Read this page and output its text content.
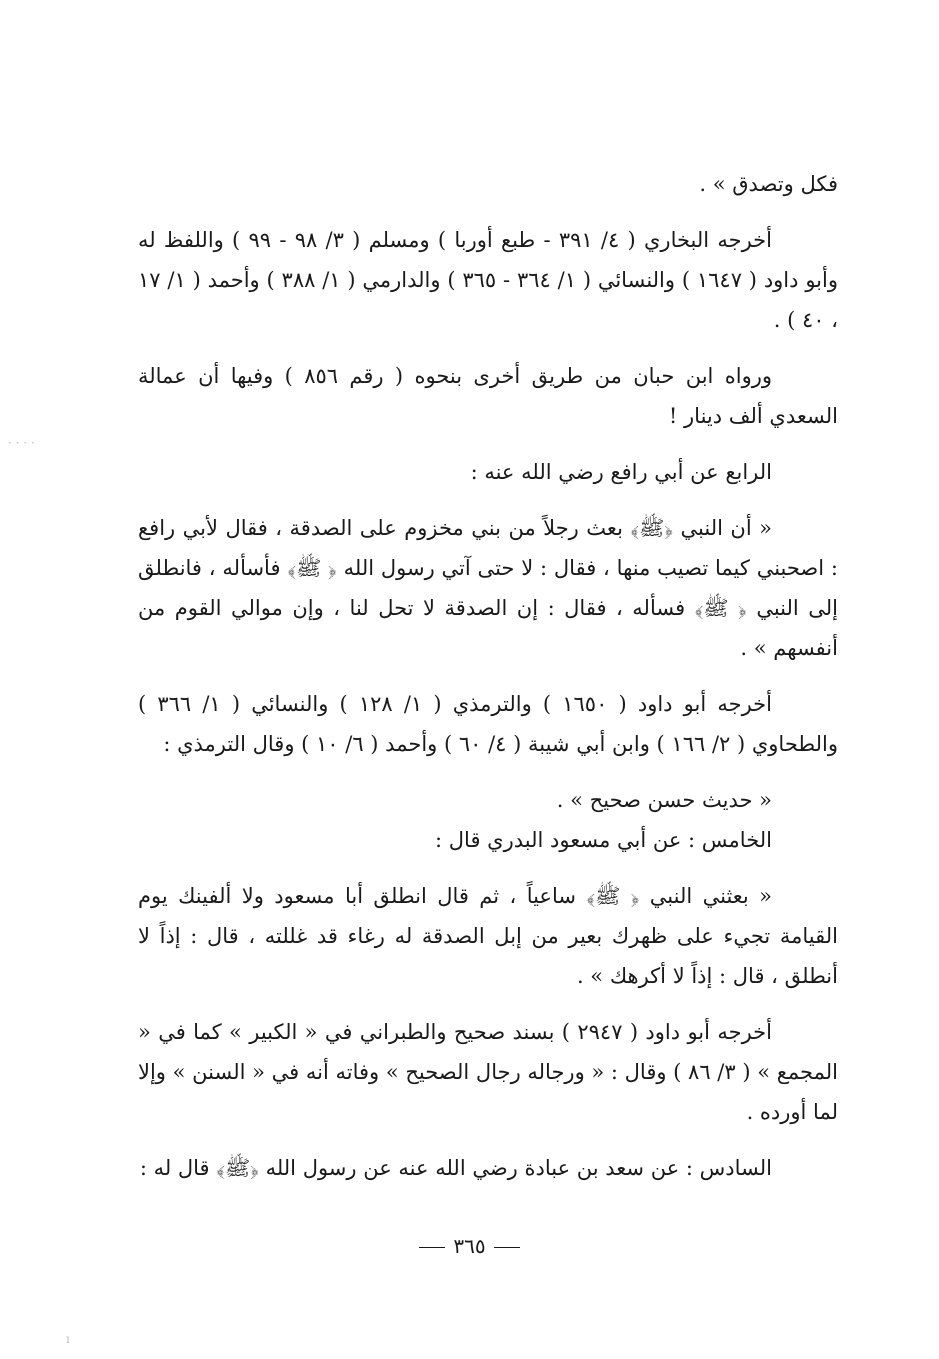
· · · ·
ı

فكل وتصدق » .

أخرجه البخاري ( ٤/ ٣٩١ - طبع أوربا ) ومسلم ( ٣/ ٩٨ - ٩٩ ) واللفظ له وأبو داود ( ١٦٤٧ ) والنسائي ( ١/ ٣٦٤ - ٣٦٥ ) والدارمي ( ١/ ٣٨٨ ) وأحمد ( ١/ ١٧ ، ٤٠ ) .

ورواه ابن حبان من طريق أخرى بنحوه ( رقم ٨٥٦ ) وفيها أن عمالة السعدي ألف دينار !

الرابع عن أبي رافع رضي الله عنه :

« أن النبي ﴿ﷺ﴾ بعث رجلاً من بني مخزوم على الصدقة ، فقال لأبي رافع : اصحبني كيما تصيب منها ، فقال : لا حتى آتي رسول الله ﴿ ﷺ﴾ فأسأله ، فانطلق إلى النبي ﴿ ﷺ﴾ فسأله ، فقال : إن الصدقة لا تحل لنا ، وإن موالي القوم من أنفسهم » .

أخرجه أبو داود ( ١٦٥٠ ) والترمذي ( ١/ ١٢٨ ) والنسائي ( ١/ ٣٦٦ ) والطحاوي ( ٢/ ١٦٦ ) وابن أبي شيبة ( ٤/ ٦٠ ) وأحمد ( ٦/ ١٠ ) وقال الترمذي :

« حديث حسن صحيح » .

الخامس : عن أبي مسعود البدري قال :

« بعثني النبي ﴿ ﷺ﴾ ساعياً ، ثم قال انطلق أبا مسعود ولا ألفينك يوم القيامة تجيء على ظهرك بعير من إبل الصدقة له رغاء قد غللته ، قال : إذاً لا أنطلق ، قال : إذاً لا أكرهك » .

أخرجه أبو داود ( ٢٩٤٧ ) بسند صحيح والطبراني في « الكبير » كما في « المجمع » ( ٣/ ٨٦ ) وقال : « ورجاله رجال الصحيح » وفاته أنه في « السنن » وإلا لما أورده .

السادس : عن سعد بن عبادة رضي الله عنه عن رسول الله ﴿ﷺ﴾ قال له :

٣٦٥
